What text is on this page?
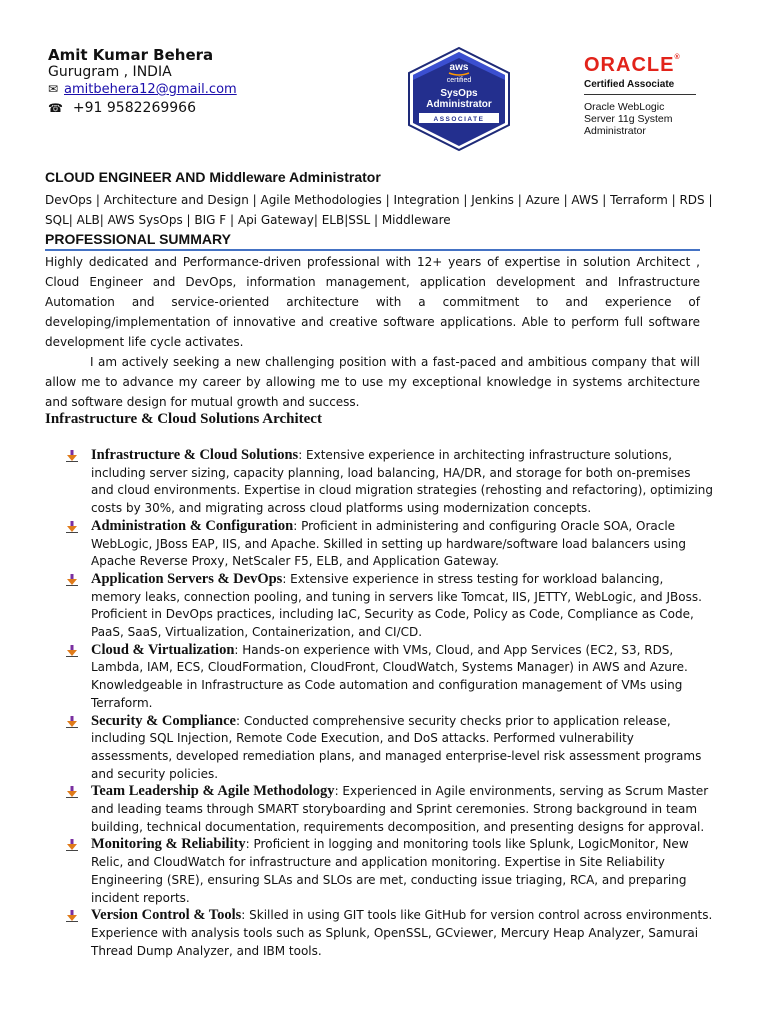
Amit Kumar Behera
Gurugram , INDIA
✉ amitbehera12@gmail.com
☎ +91 9582269966
aws
certified
SysOps
Administrator
ASSOCIATE
ORACLE®
Certified Associate
Oracle WebLogic
Server 11g System
Administrator
CLOUD ENGINEER AND Middleware Administrator
DevOps | Architecture and Design | Agile Methodologies | Integration | Jenkins | Azure | AWS | Terraform | RDS | SQL| ALB| AWS SysOps | BIG F | Api Gateway| ELB|SSL | Middleware
PROFESSIONAL SUMMARY

Highly dedicated and Performance-driven professional with 12+ years of expertise in solution Architect , Cloud Engineer and DevOps, information management, application development and Infrastructure Automation and service-oriented architecture with a commitment to and experience of developing/implementation of innovative and creative software applications. Able to perform full software development life cycle activates.

I am actively seeking a new challenging position with a fast-paced and ambitious company that will allow me to advance my career by allowing me to use my exceptional knowledge in systems architecture and software design for mutual growth and success.

Infrastructure & Cloud Solutions Architect
Infrastructure & Cloud Solutions: Extensive experience in architecting infrastructure solutions, including server sizing, capacity planning, load balancing, HA/DR, and storage for both on-premises and cloud environments. Expertise in cloud migration strategies (rehosting and refactoring), optimizing costs by 30%, and migrating across cloud platforms using modernization concepts.
Administration & Configuration: Proficient in administering and configuring Oracle SOA, Oracle WebLogic, JBoss EAP, IIS, and Apache. Skilled in setting up hardware/software load balancers using Apache Reverse Proxy, NetScaler F5, ELB, and Application Gateway.
Application Servers & DevOps: Extensive experience in stress testing for workload balancing, memory leaks, connection pooling, and tuning in servers like Tomcat, IIS, JETTY, WebLogic, and JBoss. Proficient in DevOps practices, including IaC, Security as Code, Policy as Code, Compliance as Code, PaaS, SaaS, Virtualization, Containerization, and CI/CD.
Cloud & Virtualization: Hands-on experience with VMs, Cloud, and App Services (EC2, S3, RDS, Lambda, IAM, ECS, CloudFormation, CloudFront, CloudWatch, Systems Manager) in AWS and Azure. Knowledgeable in Infrastructure as Code automation and configuration management of VMs using Terraform.
Security & Compliance: Conducted comprehensive security checks prior to application release, including SQL Injection, Remote Code Execution, and DoS attacks. Performed vulnerability assessments, developed remediation plans, and managed enterprise-level risk assessment programs and security policies.
Team Leadership & Agile Methodology: Experienced in Agile environments, serving as Scrum Master and leading teams through SMART storyboarding and Sprint ceremonies. Strong background in team building, technical documentation, requirements decomposition, and presenting designs for approval.
Monitoring & Reliability: Proficient in logging and monitoring tools like Splunk, LogicMonitor, New Relic, and CloudWatch for infrastructure and application monitoring. Expertise in Site Reliability Engineering (SRE), ensuring SLAs and SLOs are met, conducting issue triaging, RCA, and preparing incident reports.
Version Control & Tools: Skilled in using GIT tools like GitHub for version control across environments. Experience with analysis tools such as Splunk, OpenSSL, GCviewer, Mercury Heap Analyzer, Samurai Thread Dump Analyzer, and IBM tools.
